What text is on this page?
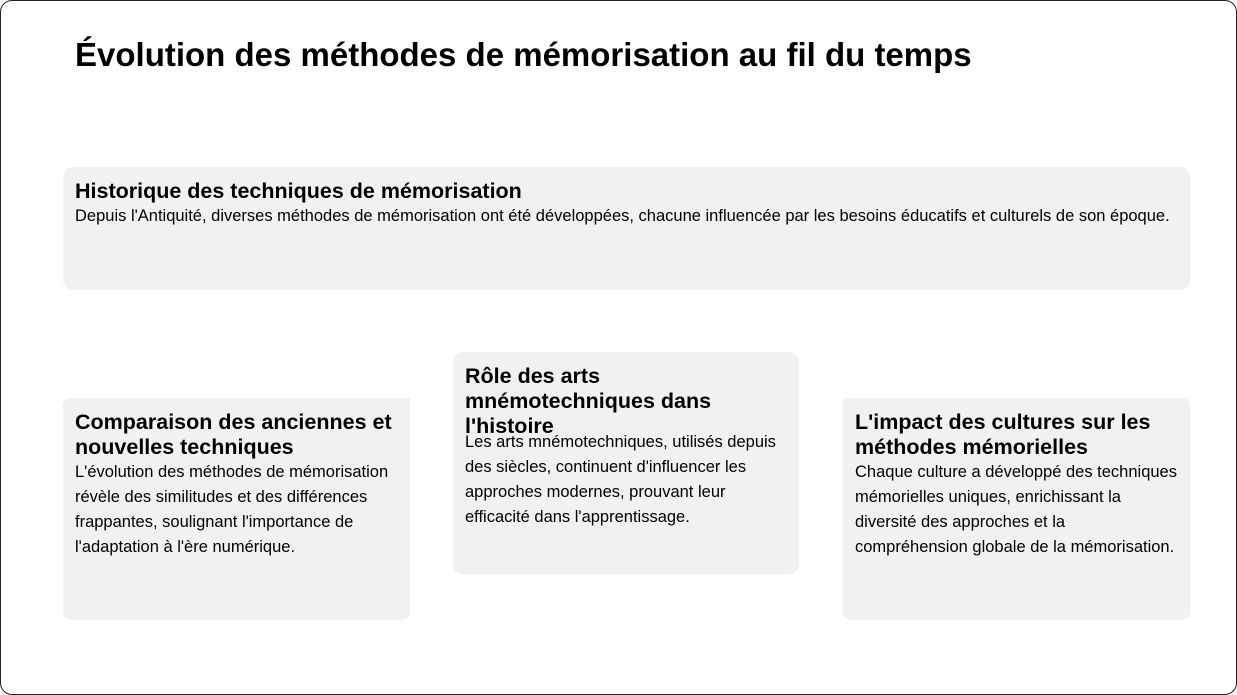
Évolution des méthodes de mémorisation au fil du temps
Historique des techniques de mémorisation

Depuis l'Antiquité, diverses méthodes de mémorisation ont été développées, chacune influencée par les besoins éducatifs et culturels de son époque.

Comparaison des anciennes et nouvelles techniques

L'évolution des méthodes de mémorisation révèle des similitudes et des différences frappantes, soulignant l'importance de l'adaptation à l'ère numérique.

Rôle des arts mnémotechniques dans l'histoire

Les arts mnémotechniques, utilisés depuis des siècles, continuent d'influencer les approches modernes, prouvant leur efficacité dans l'apprentissage.

L'impact des cultures sur les méthodes mémorielles

Chaque culture a développé des techniques mémorielles uniques, enrichissant la diversité des approches et la compréhension globale de la mémorisation.
